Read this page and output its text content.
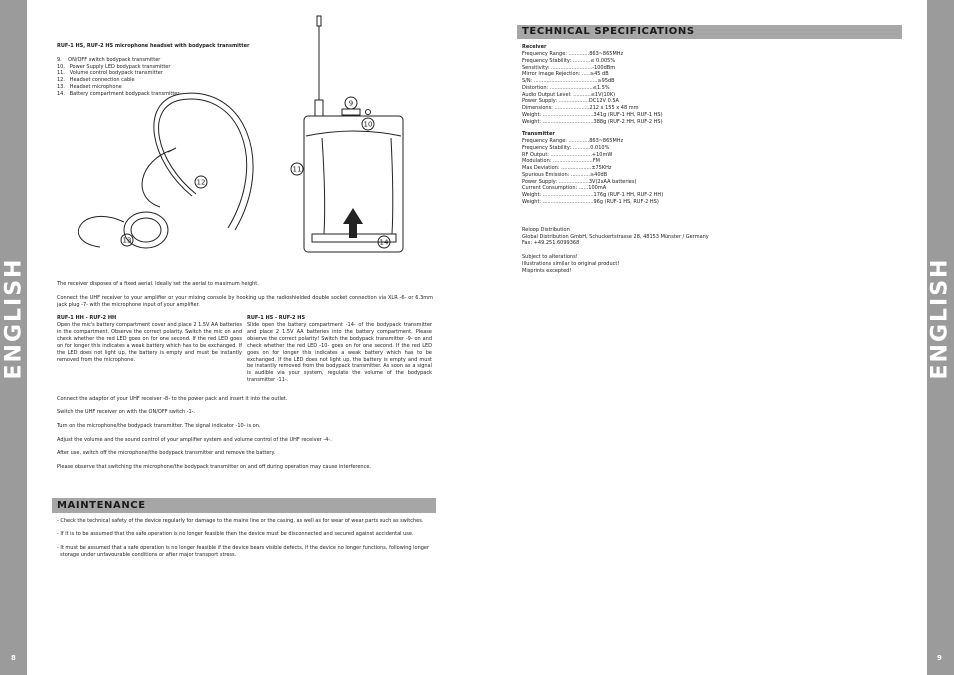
ENGLISH	ENGLISH
8	9
RUF-1 HS, RUF-2 HS microphone headset with bodypack transmitter
9.    ON/OFF switch bodypack transmitter
10.   Power Supply LED bodypack transmitter
11.   Volume control bodypack transmitter
12.   Headset connection cable
13.   Headset microphone
14.   Battery compartment bodypack transmitter
9
10
11
12
13	14
The receiver disposes of a fixed aerial. Ideally set the aerial to maximum height.
Connect the UHF receiver to your amplifier or your mixing console by hooking up the radioshielded double socket connection via XLR -6- or 6.3mm jack plug -7- with the microphone input of your amplifier.
RUF-1 HH - RUF-2 HH
Open the mic's battery compartment cover and place 2 1.5V AA batteries in the compartment. Observe the correct polarity. Switch the mic on and check whether the red LED goes on for one second. If the red LED goes on for longer this indicates a weak battery which has to be exchanged. If the LED does not light up, the battery is empty and must be instantly removed from the microphone.
RUF-1 HS - RUF-2 HS
Slide open the battery compartment -14- of the bodypack transmitter and place 2 1.5V AA batteries into the battery compartment. Please observe the correct polarity! Switch the bodypack transmitter -9- on and check whether the red LED -10- goes on for one second. If the red LED goes on for longer this indicates a weak battery which has to be exchanged. If the LED does not light up, the battery is empty and must be instantly removed from the bodypack transmitter. As soon as a signal is audible via your system, regulate the volume of the bodypack transmitter -11-.
Connect the adaptor of your UHF receiver -8- to the power pack and insert it into the outlet.
Switch the UHF receiver on with the ON/OFF switch -1-.
Turn on the microphone/the bodypack transmitter. The signal indicator -10- is on.
Adjust the volume and the sound control of your amplifier system and volume control of the UHF receiver -4-.
After use, switch off the microphone/the bodypack transmitter and remove the battery.
Please observe that switching the microphone/the bodypack transmitter on and off during operation may cause interference.
MAINTENANCE
- Check the technical safety of the device regularly for damage to the mains line or the casing, as well as for wear of wear parts such as switches.
- If it is to be assumed that the safe operation is no longer feasible then the device must be disconnected and secured against accidental use.
- It must be assumed that a safe operation is no longer feasible if the device bears visible defects, if the device no longer functions, following longer
storage under unfavourable conditions or after major transport stress.
TECHNICAL SPECIFICATIONS
Receiver
Frequency Range: .............863~865MHz
Frequency Stability: ...........≤ 0.005%
Sensitivity: ..........................-100dBm
Mirror Image Rejection: .....≥45 dB
S/N: ........................................≥95dB
Distortion: ...........................≤1.5%
Audio Output Level: ...........≤1V(10K)
Power Supply: ...................DC12V 0.5A
Dimensions: ......................212 x 155 x 48 mm
Weight: ................................341g (RUF-1 HH, RUF-1 HS)
Weight: ................................388g (RUF-2 HH, RUF-2 HS)
Transmitter
Frequency Range: .............863~865MHz
Frequency Stability: ...........0.010%
RF Output: ..........................+10mW
Modulation: .........................FM
Max Deviation: ...................±75KHz
Spurious Emission: ............≥40dB
Power Supply: ...................3V(2xAA batteries)
Current Consumption: ......100mA
Weight: ................................176g (RUF-1 HH, RUF-2 HH)
Weight: ................................96g (RUF-1 HS, RUF-2 HS)
Reloop Distribution
Global Distribution GmbH, Schuckertstrasse 28, 48153 Münster / Germany
Fax: +49.251.6099368
Subject to alterations!
Illustrations similar to original product!
Misprints excepted!
